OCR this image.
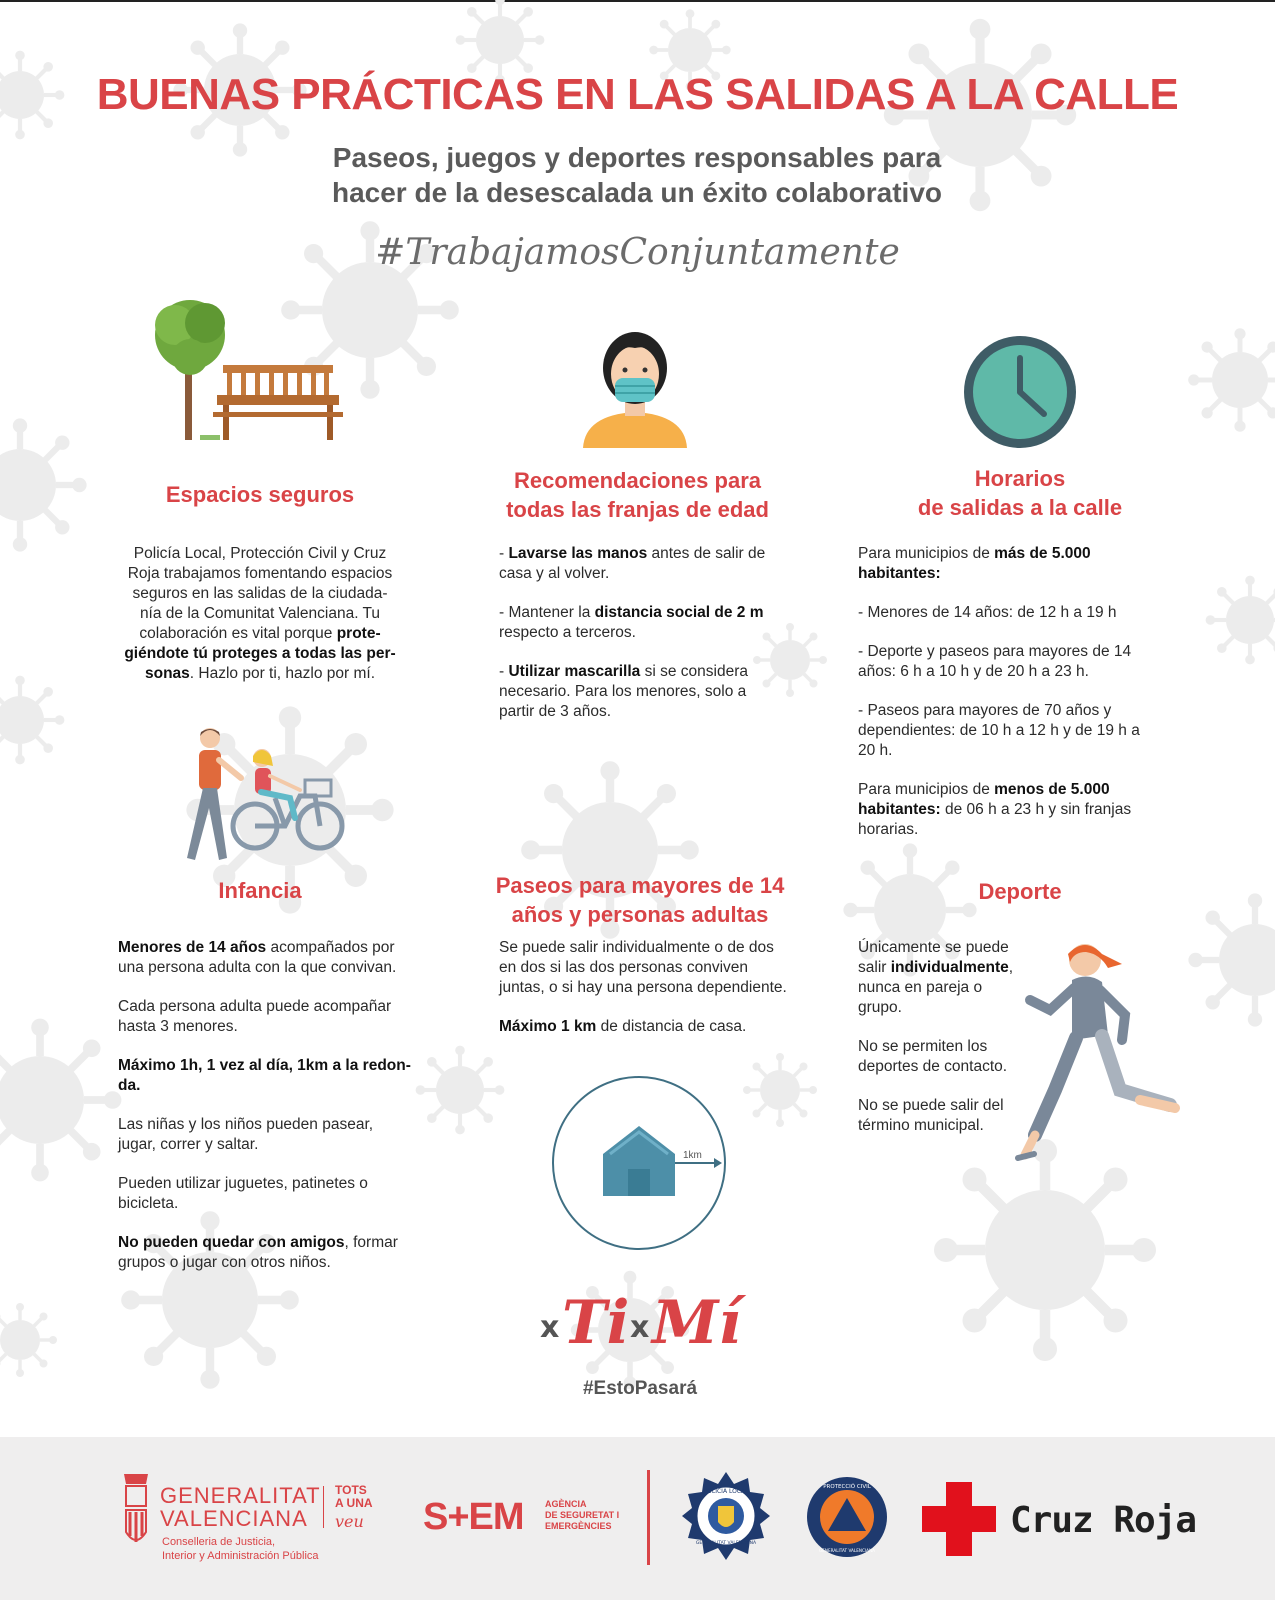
BUENAS PRÁCTICAS EN LAS SALIDAS A LA CALLE
Paseos, juegos y deportes responsables para
hacer de la desescalada un éxito colaborativo
#TrabajamosConjuntamente
Espacios seguros
Policía Local, Protección Civil y Cruz
Roja trabajamos fomentando espacios
seguros en las salidas de la ciudada-
nía de la Comunitat Valenciana. Tu
colaboración es vital porque prote-
giéndote tú proteges a todas las per-
sonas. Hazlo por ti, hazlo por mí.
Recomendaciones para
todas las franjas de edad

- Lavarse las manos antes de salir de
casa y al volver.

- Mantener la distancia social de 2 m
respecto a terceros.

- Utilizar mascarilla si se considera
necesario. Para los menores, solo a
partir de 3 años.

Horarios
de salidas a la calle

Para municipios de más de 5.000
habitantes:

- Menores de 14 años: de 12 h a 19 h

- Deporte y paseos para mayores de 14
años: 6 h a 10 h y de 20 h a 23 h.

- Paseos para mayores de 70 años y
dependientes: de 10 h a 12 h y de 19 h a
20 h.

Para municipios de menos de 5.000
habitantes: de 06 h a 23 h y sin franjas
horarias.

Infancia

Menores de 14 años acompañados por
una persona adulta con la que convivan.

Cada persona adulta puede acompañar
hasta 3 menores.

Máximo 1h, 1 vez al día, 1km a la redon-
da.

Las niñas y los niños pueden pasear,
jugar, correr y saltar.

Pueden utilizar juguetes, patinetes o
bicicleta.

No pueden quedar con amigos, formar
grupos o jugar con otros niños.

Paseos para mayores de 14
años y personas adultas

Se puede salir individualmente o de dos
en dos si las dos personas conviven
juntas, o si hay una persona dependiente.

Máximo 1 km de distancia de casa.

1km
Deporte

Únicamente se puede
salir individualmente,
nunca en pareja o
grupo.

No se permiten los
deportes de contacto.

No se puede salir del
término municipal.

x Ti x Mí
#EstoPasará
GENERALITAT
VALENCIANA
TOTS
A UNA
veu
Conselleria de Justicia,
Interior y Administración Pública
S+EM AGÈNCIA
DE SEGURETAT I
EMERGÈNCIES
POLICIA LOCAL
GENERALITAT VALENCIANA
PROTECCIÓ CIVIL
GENERALITAT VALENCIANA
Cruz Roja
